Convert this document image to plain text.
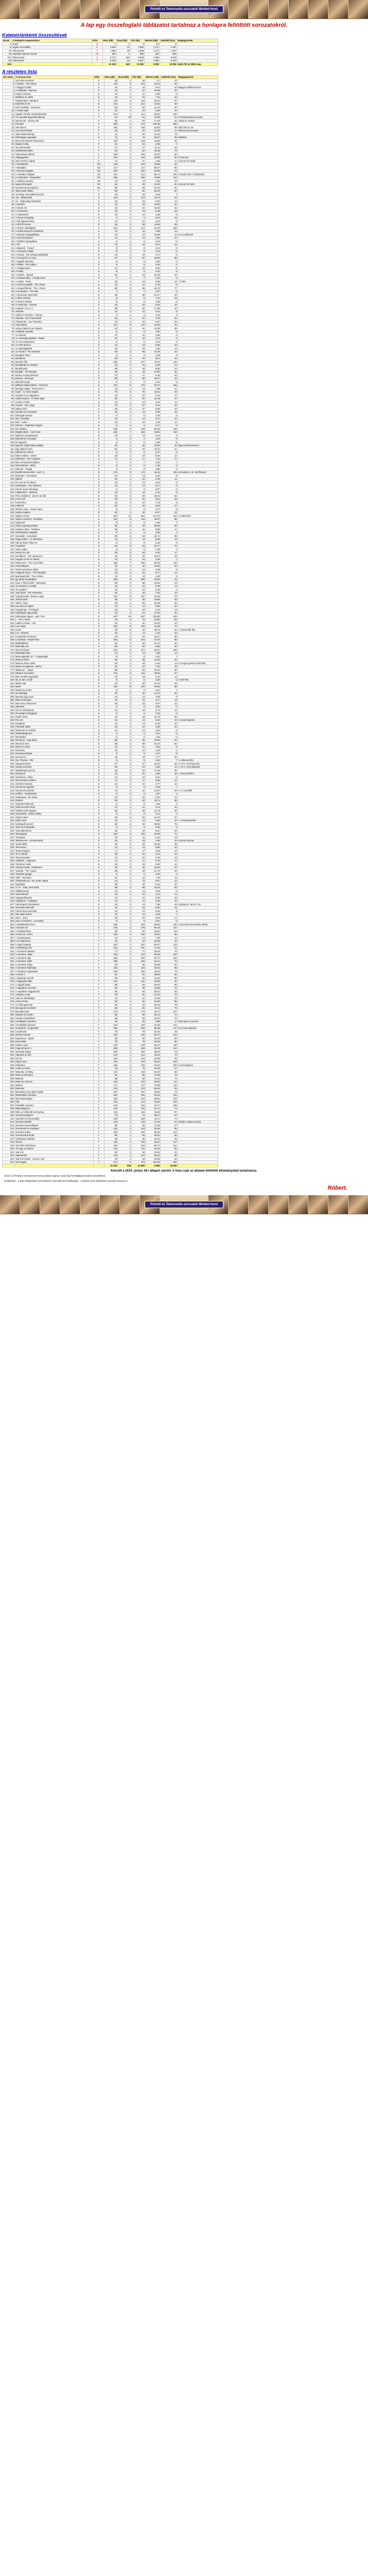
Pótoldi és Telenovella sorozatok Minden'most
A lap egy összefoglaló táblázatot tartalmaz a honlapra feltöltött sorozatokról.
Kategóriánkénti összesítések
Darab	A kategória megnevezése	KÓD	Rész (db)	Évad (db)	File (db)	Mérete (GB)	Játékidő (óra)	Megjegyzések
1	Brazil	B	1	2	4	0.8	8	
6	Egyéb sorozat/film	E	3 549	21	1 868	1 172	1 607	
14	Filmsorozat	F	1 589	36	1 658	1 172	1 607	
16	Gabriella Spanol sorozat	GS	982	1	985	282	682	
207	FilmSorozat	S	9 741	500	9 848	3 680	9 530	
80	Telenovella	T	8 604	91	8 607	3 380	6 310	
324			21 933	649	21 880	8 689	16 555	8,461 TB és 589,9 nap.
A részletes lista
Sor-szám	A sorozat címe	KÓD	Rész (db)	Évad (db)	File (db)	Mérete (GB)	Játékidő (óra)	Megjegyzések
1	3x3 néha szerelem	S	26	1	26	5,7	12	
2	A Gabus - The Nanny	S	146	6	146	31,13	55	
3	A Boggs Család	S	24	2	24	6,51	18	Magyar rajzfilmsorozat
4	A Fellázadt - Starman	S	22	1	22	10,96	26	
5	Induló a Rúzsai	E	21	1	21	6,09	8	
6	Mellékes és Játék	S	40	2	40	7,16	16	
7	Végtelenben A Mindent	S	125	4	125	26,32	97	
8	MADÁRLÁTÁS	E	142	1	142	22,66	39	
9	Szél Herdítás - Victorious	S	60	4	60	14,14	30	
10	A Koala Apák	S	21	1	23	6,50	16	
11	Agathe Christie mesterfelvételei	F	112	1	112	53,84	182	
12	Az Aszerikai Egyesült Államok	T	64	10	64	31,96	64	13 Dokumentum sorozat
13	Nyomozás - Gimme Hill	S	83	1	83	17,19	64	Almás és mások
14	PILISEK	F	290	1	313	103,46	660	
15	Alle Stereo	S	105	5	105	33,53	99	2011-09-14; 45
16	Ama Bond-filmek	F	26	1	26	12,39	41	Filmszerep szerepel
17	Julia Roberts filmjei	F	41	1	46	42,19	73	
18	Különleges egységek	S	74	1	78	28,57	98	Netflixes
19	MAGYAR Mesék Fékamanca	T	129	3	129	13,95	35	
20	Matyás Király	F	22	1	22	6,09	7	
21	OLASZFILMEK	F	17	1	17	21,11	28	
22	SORBONFILMEK	F	52	1	52	49,48	79	
23	Tudományos filmek	F	186	1	186	40,87	90	
24	Vilagegyetem	F	103	1	103	28,88	52	TI sorozat
25	Zenei DVD-k, klipek	E	11	1	11	4,96	11	3 Zenei CD mellé
26	A Bertalandó	GS	120	1	120	26,58	84	
27	A Barátaim	GS	117	1	117	38,37	90	
28	A bosszúi angyala	GS	100	1	100	26,98	70	
29	A cselédes Szájbán	GS	142	1	142	65,74	185	A rokok címe: A Rodbosák
30	A Császárné - Emperatriz	GS	155	1	155	79,69	110	
31	A Gitárik szerelme	GS	13	1	13	4,28	10	
32	Spanis ifranzpáh	GS	53	1	53	21,53	45	3 Zenei CD mell
33	Szerelmi bonvonalánca	GS	99	1	99	34,18	81	
34	Telenovella Tallinn	T	86	1	86	35,18	81	
35	10 dolog, amit utálok benned	S	20	1	20	2,53	7	
36	112 - Életmentők	S	113	1	113	22,74	42	
37	24 - Gyilkosság tetteseket	S	19	2	19	6,02	14	
38	A betörés	S	43	1	43	31,59	57	
39	A bűvös elx	S	22	1	22	29,32	64	
40	A csövészés	S	23	1	23	5,48	18	
41	A Cubenberb	S	13	1	14	4,58	9	
42	A Durva hertogiója	S	3	1	3	6,61	15	
43	A fali fegyveresség	S	12	1	12	4,64	8	
44	A férfi fén terem	S	36	1	36	11,88	26	
45	A fényes valóságban	S	214	3	214	61,32	156	
46	A Guberményerre eredmény	S	13	1	13	2,59	10	
47	A halózat megégtállitása	S	24	1	24	10,08	10	13 mozifilmmel
48	A hani bitvirtrainer	S	13	1	13	4,84	10	
49	A hídlárőr tegnapában	S	8	1	8	2,94	6	
50	A hő	S	10	1	10	6,27	10	
51	A kapamó - Favorit	S	8	1	8	3,12	8	
52	A Kennedy család	S	8	1	8	2,16	5	
53	A Kimola - Die Schwarzwaldklinik	S	10	1	10	2,17	5	
54	A Korrupció is a neve	S	87	5	87	29,56	65	
55	A legjobb ellenség	S	8	1	8	3,05	6	
56	A Pallas - The Palace	S	8	1	8	2,92	6	
57	A Polgármester	S	12	1	12	5,62	9	
58	A Pudár	S	8	1	9	0,23	9	
59	A Seprűs - Sprawl	S	23	1	23	10,25	23	
60	A Szahara titka - A kiralyi kincs	S	7	1	7	2,43	6	
61	A szakiu - Fiesa	S	19	1	19	6,99	14	+1 Film
62	A Szerencsejáték - The Cheat	S	10	1	10	3,76	8	
63	A Szuperhősnek - The A-Team	S	95	5	95	34,73	77	
64	A tervenként - The Tale	S	7	1	7	2,87	6	
65	A természet seperhető	S	38	3	38	14,17	29	
66	A titkos szélsek	S	8	1	8	7,61	19	
67	A türvens oktava	S	8	1	8	3,38	8	
68	A Vöröb pás - Viverás	S	23	1	23	6,84	16	
69	Acapulco H.E.A.T.	S	48	2	48	17,33	23	
70	Akamka	S	12	1	12	4,02	9	
71	Álcák és szerelem - Rames	S	3	1	3	1,18	3	
72	Akamba - Der Traumschiff	S	22	1	22	4,78	20	
73	Alcatramán - Der Traumhol	S	22	1	22	5,57	20	
74	Ally McBeal	S	112	5	112	34,30	76	
75	Amig a halál el nem választ	S	61	1	61	12,05	26	
76	Andbudé nyaralás	S	6	1	6	1,86	5	
77	Az életünk	S	10	1	10	3,93	8	
78	Az Áramsági dadinka - Raadt	S	12	1	12	3,13	8	
79	Az oroi aranyember	S	5	1	5	2,04	4	
80	Az SOS Bronco	S	13	1	13	5,55	10	
81	Az Igazságpártól	S	16	1	16	4,28	13	
82	Az Óceáni - The Sentinel	S	65	4	65	24,48	44	
83	Bangkok Hilton	S	3	1	3	1,58	3	
84	Bandieres	S	20	1	20	8,21	16	
85	Beverly Hills	S	158	5	167	70,24	148	
86	Birodalmás és Sérülés	S	16	1	16	6,93	14	
87	Bordeleynés	S	39	1	39	8,80	24	
88	Borgiák - The Borgias	S	29	3	29	22,90	30	
89	Boston Közjogi Esetrek	S	27	1	27	5,49	22	
90	Bosszú - Revenge	S	89	4	89	28,47	42	
91	Bőszülő buzgó	S	6	1	6	2,64	5	
92	Brilbyes legkszmákok - Charmed	S	178	8	178	57,97	155	
93	Bunzgyi ragaty - Romerom el	S	13	1	13	7,88	11	
94	Capri - Az Anna szigete	S	70	3	70	23,61	49	
95	Caroline és a nagyváros	S	22	1	22	5,44	17	
96	Californication - In Plain Sight	S	52	4	52	19,48	37	
97	Csoda a Fisán	S	13	1	13	4,46	11	
98	Csujzsi - Tal a vágy	S	57	3	57	9,41	29	
99	Dallas 2012	S	28	3	37	8,08	18	
100	Daniela és a hazavárt	S	13	1	13	3,89	10	
101	Dohogoti Konzua	S	8	1	8	3,40	6	
102	Dirt, il Hasilap	S	13	1	13	5,74	10	
103	Dob - Cuber	S	16	1	16	4,38	14	
104	Dolmen - Rejtelmek szigete	S	6	1	6	2,17	5	
105	Don Matteo	S	168	9	168	60,29	136	
106	Döglött akták - Cold Case	S	156	7	156	54,53	110	
107	Egészen szergettrendi	S	13	1	13	4,10	9	
108	Édesedi és mosolyúk	S	4	1	4	3,20	5	
109	El Aguavivo	S	6	1	6	2,38	5	
110	Egy két szégh hideg malalya	S	26	2	26	16,50	40	Egy zeneilő szövvezi
111	Egy elképző eset	S	54	4	54	25,11	41	
112	Elárulvá az életem	S	5	1	5	4,37	6	
113	Életre Hálóra - Chase	S	18	1	18	5,94	12	
114	Elfeledett - The Forgotten	S	17	1	17	7,31	17	
115	Élet a Rosszolmi képben	S	7	1	7	1,06	7	
116	Elmeszbérok - Eltíck	S	5	1	5	1,45	4	
117	Elmeszt - Tregaa	S	6	1	6	3,88	5	
118	Értelőt elmeszoéknt - L&O: CI	S	172	9	172	63,11	135	10 évados, A.E. 123 filmmel
119	Évelettes - Perelaweb	S	13	1	13	5,00	9	
120	Éjalvöl	S	16	1	16	4,35	14	
121	Éz nem az én életem	S	13	1	13	4,52	9	
122	Faleakvipa - The Staloters	S	12	1	12	5,17	9	
123	Farmer keres feleséget	S	6	1	6	3,07	6	
124	Feljelestvés - Stacked	S	13	1	13	4,42	8	
125	Fém a kiádszol - Queen as folk	S	83	5	83	25,54	61	
126	Forró szél	S	30	3	30	9,54	23	
127	Frank Riva	S	12	2	12	7,79	9	
128	Fulkazól	S	26	1	26	6,65	17	
129	GRANI Hotel - Grand Hotel	S	9	1	9	3,17	8	
130	Gyilkos kaplum	S	30	1	30	9,27	23	
131	Gyilkos sorom	S	264	12	264	127,19	193	+2 külső film
132	Gyilkos szénkörl - NumB3rs	S	118	6	118	48,97	88	
133	Gyilkosok	S	9	1	9	2,48	7	
134	Halál a paradicsomban	S	48	5	48	28,86	38	
135	Hatalom órbet - Pasitime	S	26	1	26	8,69	17	
136	Hatholdrákm szakpáló	S	6	1	6	2,50	4	
137	Hazradek - Homeland	S	38	3	38	18,71	35	
138	Hegyi doktor - Az ultimaáns	S	13	1	13	8,09	10	
139	Hás az Eden Place-en	S	8	1	8	2,43	6	
140	Heartland	S	94	6	94	34,77	70	
141	Hello Ladies	S	8	1	8	2,25	3	
142	Herkul és Lola	S	30	2	30	6,53	17	
143	Hirzdbloch - The Newsroom	S	25	3	25	16,51	23	
144	Hogyan ne élé az életed	S	14	2	14	3,36	7	
145	Hölvezsem - The Good Wife	S	156	7	156	59,30	115	
146	Hotel Babylon	S	32	4	32	16,55	32	
147	Hotel szerelemre kiadó	S	13	1	13	4,89	9	
148	Hrügtvolt irimus - The Paradise	S	16	2	16	9,17	14	
149	Igazságosztók - True Justice	S	13	1	13	4,48	9	
150	Igy jártam anyátokkal	S	208	9	208	30,82	70	
151	Inkoi a Tiltott múdó - Sanctuary	S	59	4	59	25,54	43	
152	Jó szerelem a család	S	24	1	24	5,39	14	
153	Jó a gyekol	S	13	1	13	2,46	6	
154	Jogi Haish - The Defenders	S	18	1	18	7,53	13	
155	Jogi játszmák - Boston Legal	S	101	5	101	31,95	79	
156	Jóhivá barát	S	36	1	36	13,86	26	
157	Júlizm, ánya	S	90	1	90	23,38	45	
158	Karosszri az igazit	S	13	1	13	8,58	10	
159	Kegyelmajn - Privileged	S	18	1	18	5,42	13	
160	Különleges ügyosztály	S	44	4	44	17,63	34	
161	Különleges ügyek - L&O: SVU	S	297	15	297	120,60	224	
162	L - The L Word	S	70	6	70	24,50	56	
163	Ladkó & Kódra - Life	S	32	2	32	15,84	24	
164	Las Vegas	S	106	5	106	41,38	76	
165	Lewis	S	33	8	33	39,73	52	+1 közreműk film
166	Lex - Eitorlek	S	13	1	13	4,42	10	
167	Lexxhacker Romance	S	20	1	20	15,17	36	
168	Lucinsbird - Royal Pains	S	104	8	104	37,02	80	
169	Madfüllükben	S	45	4	45	16,74	30	
170	Makrodik rela	S	60	1	60	8,86	30	
171	McLeod lánya	S	224	8	224	84,01	169	
172	Minitrálidó Bárc	S	13	1	13	7,95	14	
173	Melevalgtdsak 117 - k legtamadki	S	8	1	8	2,81	7	
174	Melrose Place	S	58	1	58	14,63	40	
175	Melrose Place 2009	S	18	1	18	6,19	13	Az angol nyelvű Umvhn film
176	Meyer-ek ugyanaz - Mercy	S	22	1	22	7,32	16	
177	Midsomer - Hepta	S	88	1	88	25,40	90	
178	Mindent Szerelmes	S	116	6	116	49,05	97	
179	Mire rezdület ügyvédek	S	18	1	18	5,10	13	
180	Mi, és Mrs. Smith	S	8	1	8	3,00	6	+4 fél Film
181	Mirtrei ratit	S	60	3	60	24,42	59	
182	Monk	S	125	8	125	46,95	89	
183	Modernes Sorfer	S	9	1	9	3,54	7	
184	Mr Selfridge	S	30	3	30	13,42	26	
185	Nyomás úgyi vauri	S	13	1	13	3,68	9	
186	Nöke lazító gyal	S	16	1	16	4,17	13	
187	Nem Neu a Mizzerek	S	18	1	18	5,97	13	
188	Nixfurme	S	8	1	8	2,55	5	
189	Nix és Vérfarkasok	S	18	1	18	5,74	14	
190	Oroszágét Orangykak	S	8	1	8	3,18	6	
191	Pacific Drive	S	40	1	40	10,79	30	
192	Pan Am	S	14	1	14	5,60	10	+1 más folyozás
193	Paradesk	S	13	1	13	5,48	10	
194	Pokolivár dalas	S	15	1	15	4,09	10	
195	Randevúi az oroblöd	S	14	1	14	2,92	6	
196	Rafandalegenem	S	6	1	6	1,61	5	
197	Rémbédek	S	6	1	6	1,96	5	
198	Reményé - Ugly Betty	S	85	4	85	32,93	62	
199	Rizzoli & Isles	S	69	4	69	26,15	50	
200	Rizza és nevel	S	11	1	11	4,83	9	
201	Romanés	S	10	1	10	2,59	5	
202	Rosszúan kiázati	S	9	1	9	4,07	9	
203	Sevenrrom	S	18	1	18	7,77	15	
204	Sex Thomas - FBI	S	9	1	9	2,35	7	+1 élkvizes film
205	Saquenti Dáncs	S	57	3	57	22,64	36	A: N+1: résd folyozás
206	Sexbul szerelem	S	18	1	18	5,65	14	A: N+1: részt folyozás
207	Spelbarmjal sorozat	S	53	4	53	27,38	36	
208	Szerlesok	S	21	1	21	4,59	15	+ közreműk film
209	Szerlemen, Afrika	S	10	1	10	2,81	6	
210	Szerosmmes vételen	S	17	1	17	8,55	14	
211	Szerlemi Kuraval	S	16	1	16	3,77	12	
212	Szerlemos ügyekél	S	9	1	9	3,28	7	
213	Szerlemés közvelé	S	41	1	41	14,97	29	+ e 2 mozifilm
214	Szőkés - Heartbroken	S	6	1	6	1,87	4	
215	Szulkyanat - Bir Soluk	S	16	1	16	5,84	14	
216	Szüleré	S	63	3	63	15,71	55	
217	Született fortlemok	S	6	1	6	1,58	3	
218	Szőti ezerebb rimék	S	10	1	10	5,14	10	
219	Szűkek szókt ragyoja	S	35	1	35	13,79	30	
220	Szüvi-kettő - Silicon Valley	S	8	1	8	2,12	5	
221	Szűrel mászt	S	50	5	50	14,75	37	
222	Széle Nodi	S	13	1	13	5,69	10	+ 1 közreműk film
223	Szellegrdf nemzet	S	56	3	56	30,95	75	
224	Tanni és Kirándulás	S	9	1	9	2,92	5	
225	Tánzolékenéses	S	33	1	33	9,61	24	
226	Tanzsgárda	S	100	5	100	23,88	70	
227	Társsabai	S	16	2	16	5,44	13	
228	Tartásos KB - Criminal Mind	S	15	1	15	4,85	10	2 Zenei sorozat
229	Tavrái fölfaz	S	48	3	48	22,26	38	
230	Terra Nova	S	13	1	13	5,95	10	
231	Texas Rangers	S	17	1	17	4,58	13	
232	Tiz a Tükrők	S	26	2	26	3,13	10	
233	Tony bossopho	S	22	1	22	5,33	13	
234	Tölsékés - Lagemert	S	17	2	17	5,70	17	
235	Törnémes szaki	S	18	1	18	5,80	14	
236	Törvéyi Kürkla - Hawthorne	S	30	3	30	10,66	27	
237	Tudorak - The Tudors	S	38	4	38	31,73	33	
238	Tünvéket gyógyó	S	5	1	5	2,00	4	
239	Túlél - Survivors	S	12	2	12	7,49	10	
240	Túlodeswicson - Mr. & Mrs. Bbaq	S	13	1	13	5,97	12	
241	Ügyfóalkó	S	38	1	38	9,16	20	
242	V, I.P - Tóda, mint testőr	S	88	4	88	19,34	52	
243	Vállalkozasok	S	13	1	13	3,06	9	
244	Varázsirkoszt	S	24	1	24	4,21	13	
245	Vegyiandiinjonhe	S	24	1	24	8,29	16	
246	Végtelenre - Endgame	S	13	1	13	4,35	10	
247	Vérmérgező Visszatérés	S	24	1	24	7,69	18	Cyclops sz. 95 (IX. 51)
248	Veszélyes Bárcalót	S	16	1	16	6,05	13	
249	Vinnert Bennyzívostyl	S	13	1	13	3,63	9	
250	Zarr alatti strand	S	13	1	13	2,23	7	
251	Zorro - Zorro	S	20	1	20	9,94	17	
252	Zorro szerelmek - Love Bites	S	8	1	8	2,51	6	
253	A Kardbenétet érzni	T	160	1	160	69,68	130	4 Szerelmi Kéznezhely Tarlók
254	A bosszú íze	T	176	1	176	60,43	117	
255	A Kardbok fáryo	T	60	1	60	34,62	63	
256	A Kóró (III, Cüen)	T	130	1	130	44,81	98	
257	A macskavarás	T	13	1	13	7,38	13	
258	A mi fülünk lesz	T	34	1	34	19,09	40	
259	A nagy fergeteg	T	152	1	152	63,07	113	
260	A kétkötség iránt	T	101	1	101	47,93	91	
261	A szerelem hatalma	T	77	1	77	38,18	70	
262	A szerelem rabjai	T	149	1	149	69,63	130	
263	A szerelem útjai	T	180	1	180	82,72	156	
264	A szerelem vétke	T	108	1	108	51,01	76	
265	A szerelem zalog	T	90	1	90	30,08	81	
266	A szerelem felülmúlja	T	115	1	115	45,62	88	
267	A szerelem vigyhatnak	T	109	1	109	40,19	73	
268	A szívár 2	T	91	1	91	38,96	84	
269	A tégelmés nyomlt	T	96	1	96	41,63	90	
270	A vágyódós útján	T	131	1	131	40,69	82	
271	A vágytól jkolán	T	98	1	98	39,10	85	
272	A vágyakon szerelme	T	90	1	90	42,65	70	
273	A végzetkes vágyakozás	T	66	1	66	20,01	46	
274	Acapulco Lótot	T	90	1	90	31,16	70	
275	Alma és Mándhájok	T	41	1	41	21,30	43	
276	Arely mérete	T	32	1	32	16,86	36	
277	Az eltűrt gyermek	T	94	1	94	38,49	79	
278	Becsapott szerelmek	T	90	1	90	40,11	79	
279	Becsület kard	T	173	1	173	49,74	107	
280	Bolyban és tisztán	T	89	1	89	35,44	72	
281	Camila szívekbőkén	T	95	1	95	42,32	76	
282	Csodálatos szerelem	T	25	1	25	8,95	17	Nem tejes a sorozat
283	Czeridiákdu keresés	T	120	1	120	53,40	101	
284	Császárné - Emperatríz	T	156	1	156	80,28	117	6 mi rész folyozás
285	Cserélt élet	T	70	1	70	30,75	48	
286	Dmitrul Tiszellu	T	130	1	130	59,37	102	
287	Esperanza - Hjaszt	T	83	1	83	19,20	58	
288	Esmeralda	T	78	1	78	32,85	58	
289	Fekete rózsa	T	149	1	149	56,37	110	
290	Fuga del amor 1	T	188	1	188	53,40	132	
291	Gyémánt hattyú	T	100	1	100	38,95	79	
292	Hajnalok az élet	T	144	1	144	30,13	73	
293	Két arc	T	123	1	123	54,95	93	
294	Kígyó-szivu	T	149	1	149	66,54	103	
295	Kritkakérs	T	136	1	136	62,26	106	6 sorozatpáros
296	Linda es Pedro	T	75	1	75	29,49	57	
297	Manuela, a kisány	T	110	1	110	52,18	84	
298	Maria la del barrio	T	95	1	95	37,98	75	
299	Marimar	T	88	1	88	41,61	72	
300	Maria de Carmen	T	148	1	148	50,92	94	
301	Marisol	T	147	1	147	73,88	113	
302	Mariszka	T	123	1	123	58,06	96	
303	Mentsétek meg Jadé Ángélt!	T	107	1	107	48,63	73	
304	Mindörökké szerelem	T	150	1	150	62,84	120	
305	Ninel ideomalapn	T	132	1	132	59,51	103	
306	Pipi	T	124	1	124	43,63	103	
307	Pokolbéli szerelem	T	145	1	145	67,17	108	
308	Rabszolgasors	T	100	1	100	42,71	73	
309	Rubí, az elbűvölő szörnyeteg	T	115	1	115	42,58	87	
310	Szerelmességerre	T	73	1	73	39,37	67	
311	Szerelem és szenvedély	T	100	1	100	43,71	71	
312	Szerelmi kötelék	T	129	1	129	47,49	94	Zenéje a teljes sorozat
313	Szerelmi szenvedélyek	T	68	1	68	27,06	57	
314	Szerelmek és vendégek	T	120	1	120	50,80	95	
315	Szerelmi ördög	T	160	1	160	55,52	124	
316	Szomszédi krumpli	T	99	1	99	46,02	82	
317	Szépséges hatalma	T	65	1	65	26,61	48	
318	Teresa	T	149	1	149	65,31	107	
319	Trenzfürt szérfelmek	T	166	1	166	80,17	131	
320	Tű vagy az életem	T	134	1	134	61,54	95	
321	Vad szív	T	60	1	60	22,60	41	
322	Vadmacska	T	123	1	123	59,22	98	
323	Vad Torm leiaki - Cuezon Yali	T	49	1	49	24,96	46	
324	Vad angyal	T	270	1	270	118,83	202	
			21 933	649	21 880	8 689	16 555	
Készült a 2014. június 30-i állapot szerint. A lista csak az általam feltöltött állományokat tartalmazza.
Jelen G-Portálos rendszerrel ennyi adatot sajnos csak kép formájában tudom közzétenni.
A táblázat - a kép elöljáróban közvetlenül, közvetlenül kínálhatjuk - a linkek nem feltétlenül vannak hossza is.
Róbert.
Pótoldi és Telenovella sorozatok Minden'most
